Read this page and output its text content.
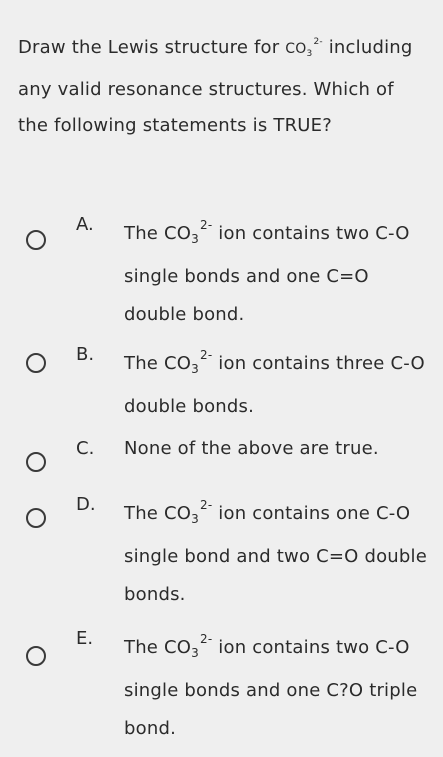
Draw the Lewis structure for $CO_3^{2-}$ including any valid resonance structures. Which of the following statements is TRUE?
A. The $CO_3^{2-}$ ion contains two C-O single bonds and one C=O double bond.
B. The $CO_3^{2-}$ ion contains three C-O double bonds.
C. None of the above are true.
D. The $CO_3^{2-}$ ion contains one C-O single bond and two C=O double bonds.
E. The $CO_3^{2-}$ ion contains two C-O single bonds and one C?O triple bond.
